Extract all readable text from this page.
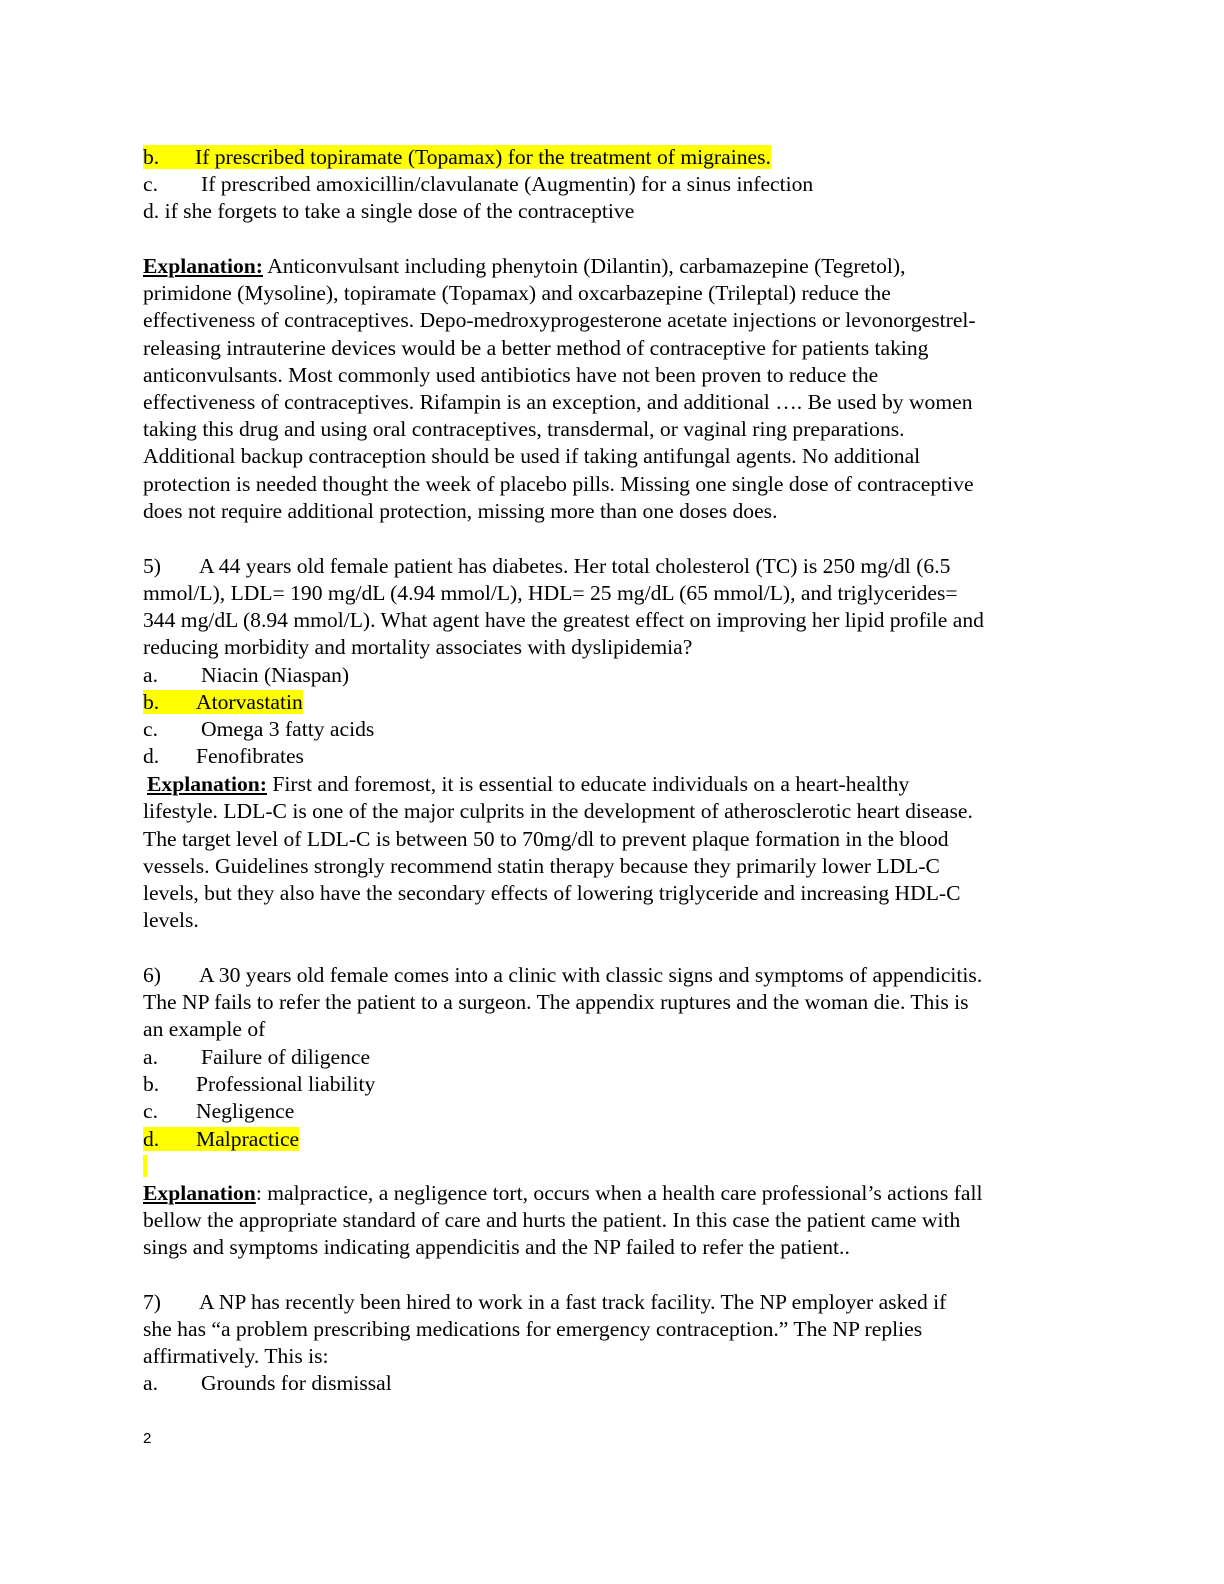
b. If prescribed topiramate (Topamax) for the treatment of migraines.
c. If prescribed amoxicillin/clavulanate (Augmentin) for a sinus infection
d. if she forgets to take a single dose of the contraceptive
Explanation: Anticonvulsant including phenytoin (Dilantin), carbamazepine (Tegretol),
primidone (Mysoline), topiramate (Topamax) and oxcarbazepine (Trileptal) reduce the
effectiveness of contraceptives. Depo-medroxyprogesterone acetate injections or levonorgestrel-
releasing intrauterine devices would be a better method of contraceptive for patients taking
anticonvulsants. Most commonly used antibiotics have not been proven to reduce the
effectiveness of contraceptives. Rifampin is an exception, and additional …. Be used by women
taking this drug and using oral contraceptives, transdermal, or vaginal ring preparations.
Additional backup contraception should be used if taking antifungal agents. No additional
protection is needed thought the week of placebo pills. Missing one single dose of contraceptive
does not require additional protection, missing more than one doses does.
5) A 44 years old female patient has diabetes. Her total cholesterol (TC) is 250 mg/dl (6.5
mmol/L), LDL= 190 mg/dL (4.94 mmol/L), HDL= 25 mg/dL (65 mmol/L), and triglycerides=
344 mg/dL (8.94 mmol/L). What agent have the greatest effect on improving her lipid profile and
reducing morbidity and mortality associates with dyslipidemia?
a. Niacin (Niaspan)
b. Atorvastatin
c. Omega 3 fatty acids
d. Fenofibrates
Explanation: First and foremost, it is essential to educate individuals on a heart-healthy
lifestyle. LDL-C is one of the major culprits in the development of atherosclerotic heart disease.
The target level of LDL-C is between 50 to 70mg/dl to prevent plaque formation in the blood
vessels. Guidelines strongly recommend statin therapy because they primarily lower LDL-C
levels, but they also have the secondary effects of lowering triglyceride and increasing HDL-C
levels.
6) A 30 years old female comes into a clinic with classic signs and symptoms of appendicitis.
The NP fails to refer the patient to a surgeon. The appendix ruptures and the woman die. This is
an example of
a. Failure of diligence
b. Professional liability
c. Negligence
d. Malpractice
Explanation: malpractice, a negligence tort, occurs when a health care professional’s actions fall
bellow the appropriate standard of care and hurts the patient. In this case the patient came with
sings and symptoms indicating appendicitis and the NP failed to refer the patient..
7) A NP has recently been hired to work in a fast track facility. The NP employer asked if
she has “a problem prescribing medications for emergency contraception.” The NP replies
affirmatively. This is:
a. Grounds for dismissal
2
